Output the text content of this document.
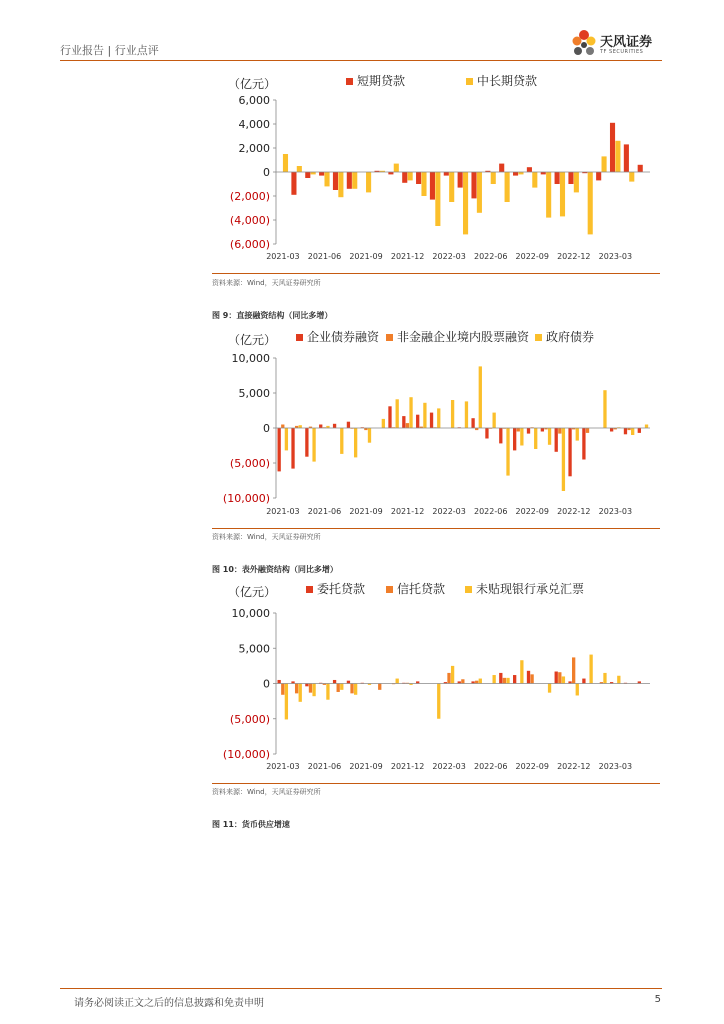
行业报告 | 行业点评
天风证券
TF SECURITIES
（亿元）	短期贷款	中长期贷款
6,000
4,000
2,000
0
(2,000)
(4,000)
(6,000)
2021-03 2021-06 2021-09 2021-12 2022-03 2022-06 2022-09 2022-12 2023-03
资料来源：Wind，天风证券研究所
图 9：直接融资结构（同比多增）
（亿元）	企业债券融资 非金融企业境内股票融资 政府债券
10,000
5,000
0
(5,000)
(10,000)
2021-03 2021-06 2021-09 2021-12 2022-03 2022-06 2022-09 2022-12 2023-03
资料来源：Wind，天风证券研究所
图 10：表外融资结构（同比多增）
（亿元）	委托贷款	信托贷款	未贴现银行承兑汇票
10,000
5,000
0
(5,000)
(10,000)
2021-03 2021-06 2021-09 2021-12 2022-03 2022-06 2022-09 2022-12 2023-03
资料来源：Wind，天风证券研究所
图 11：货币供应增速
请务必阅读正文之后的信息披露和免责申明	5
